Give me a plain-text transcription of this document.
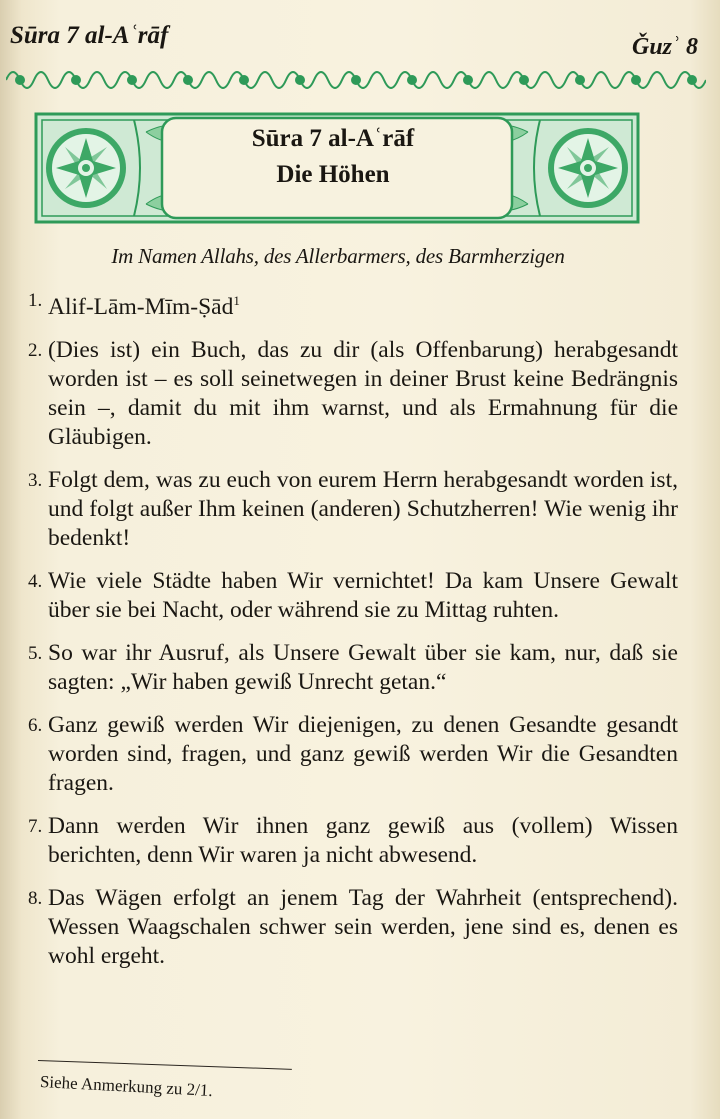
Sūra 7 al-Aʿrāf	Ǧuzʾ 8
Sūra 7 al-Aʿrāf
Die Höhen
Im Namen Allahs, des Allerbarmers, des Barmherzigen
1. Alif-Lām-Mīm-Ṣād$^1$
2. (Dies ist) ein Buch, das zu dir (als Offenbarung) herabgesandt worden ist – es soll seinetwegen in deiner Brust keine Bedrängnis sein –, damit du mit ihm warnst, und als Ermahnung für die Gläubigen.
3. Folgt dem, was zu euch von eurem Herrn herabgesandt worden ist, und folgt außer Ihm keinen (anderen) Schutzherren! Wie wenig ihr bedenkt!
4. Wie viele Städte haben Wir vernichtet! Da kam Unsere Gewalt über sie bei Nacht, oder während sie zu Mittag ruhten.
5. So war ihr Ausruf, als Unsere Gewalt über sie kam, nur, daß sie sagten: „Wir haben gewiß Unrecht getan.“
6. Ganz gewiß werden Wir diejenigen, zu denen Gesandte gesandt worden sind, fragen, und ganz gewiß werden Wir die Gesandten fragen.
7. Dann werden Wir ihnen ganz gewiß aus (vollem) Wissen berichten, denn Wir waren ja nicht abwesend.
8. Das Wägen erfolgt an jenem Tag der Wahrheit (entsprechend). Wessen Waagschalen schwer sein werden, jene sind es, denen es wohl ergeht.
Siehe Anmerkung zu 2/1.
